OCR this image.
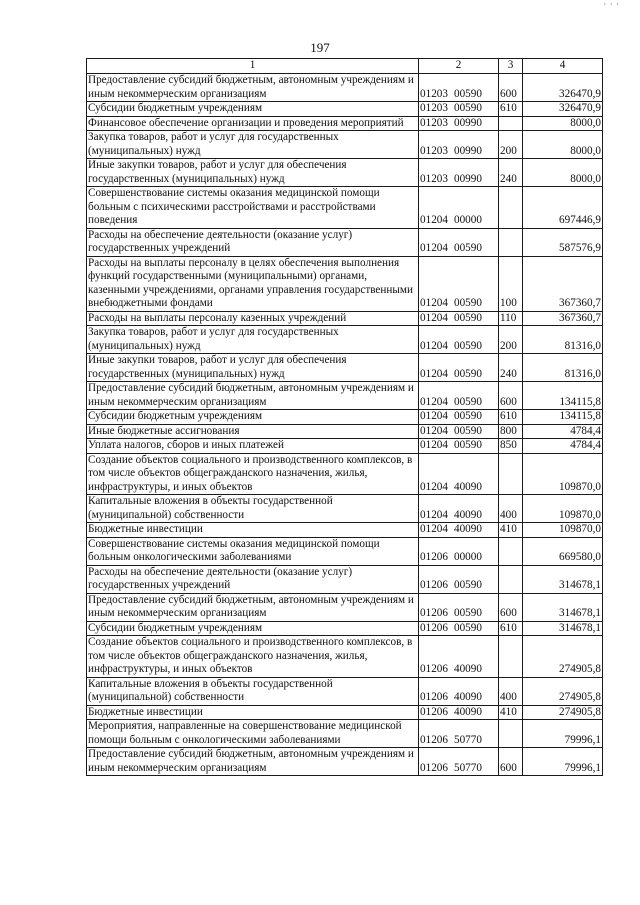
' ' '
197
1	2	3	4
Предоставление субсидий бюджетным, автономным учреждениям и иным некоммерческим организациям	01203 00590	600	326470,9
Субсидии бюджетным учреждениям	01203 00590	610	326470,9
Финансовое обеспечение организации и проведения мероприятий	01203 00990		8000,0
Закупка товаров, работ и услуг для государственных (муниципальных) нужд	01203 00990	200	8000,0
Иные закупки товаров, работ и услуг для обеспечения государственных (муниципальных) нужд	01203 00990	240	8000,0
Совершенствование системы оказания медицинской помощи больным с психическими расстройствами и расстройствами поведения	01204 00000		697446,9
Расходы на обеспечение деятельности (оказание услуг) государственных учреждений	01204 00590		587576,9
Расходы на выплаты персоналу в целях обеспечения выполнения функций государственными (муниципальными) органами, казенными учреждениями, органами управления государственными внебюджетными фондами	01204 00590	100	367360,7
Расходы на выплаты персоналу казенных учреждений	01204 00590	110	367360,7
Закупка товаров, работ и услуг для государственных (муниципальных) нужд	01204 00590	200	81316,0
Иные закупки товаров, работ и услуг для обеспечения государственных (муниципальных) нужд	01204 00590	240	81316,0
Предоставление субсидий бюджетным, автономным учреждениям и иным некоммерческим организациям	01204 00590	600	134115,8
Субсидии бюджетным учреждениям	01204 00590	610	134115,8
Иные бюджетные ассигнования	01204 00590	800	4784,4
Уплата налогов, сборов и иных платежей	01204 00590	850	4784,4
Создание объектов социального и производственного комплексов, в том числе объектов общегражданского назначения, жилья, инфраструктуры, и иных объектов	01204 40090		109870,0
Капитальные вложения в объекты государственной (муниципальной) собственности	01204 40090	400	109870,0
Бюджетные инвестиции	01204 40090	410	109870,0
Совершенствование системы оказания медицинской помощи больным онкологическими заболеваниями	01206 00000		669580,0
Расходы на обеспечение деятельности (оказание услуг) государственных учреждений	01206 00590		314678,1
Предоставление субсидий бюджетным, автономным учреждениям и иным некоммерческим организациям	01206 00590	600	314678,1
Субсидии бюджетным учреждениям	01206 00590	610	314678,1
Создание объектов социального и производственного комплексов, в том числе объектов общегражданского назначения, жилья, инфраструктуры, и иных объектов	01206 40090		274905,8
Капитальные вложения в объекты государственной (муниципальной) собственности	01206 40090	400	274905,8
Бюджетные инвестиции	01206 40090	410	274905,8
Мероприятия, направленные на совершенствование медицинской помощи больным с онкологическими заболеваниями	01206 50770		79996,1
Предоставление субсидий бюджетным, автономным учреждениям и иным некоммерческим организациям	01206 50770	600	79996,1
